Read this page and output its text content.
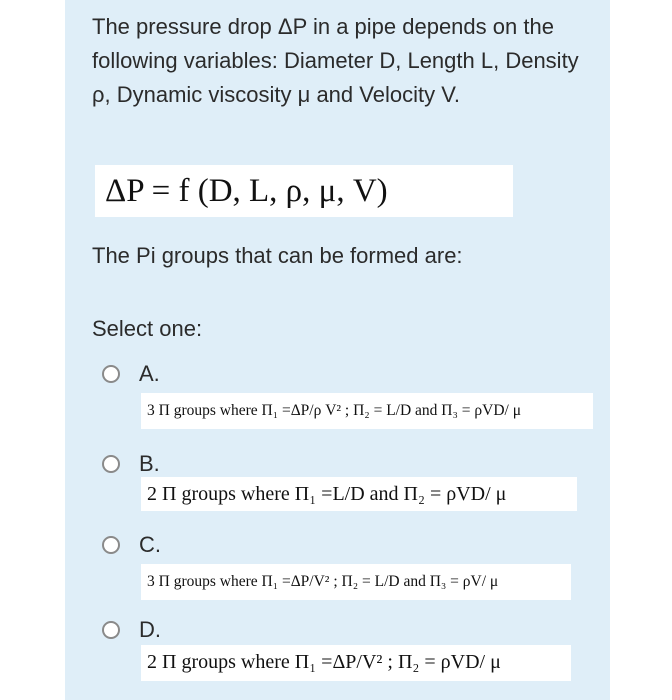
The pressure drop ΔP in a pipe depends on the following variables: Diameter D, Length L, Density ρ, Dynamic viscosity μ and Velocity V.
ΔP = f (D, L, ρ, μ, V)
The Pi groups that can be formed are:
Select one:
A.
3 Π groups where Π₁ =ΔP/ρ V² ; Π₂ = L/D and Π₃ = ρVD/ μ
B.
2 Π groups where Π₁ =L/D and Π₂ = ρVD/ μ
C.
3 Π groups where Π₁ =ΔP/V² ; Π₂ = L/D and Π₃ = ρV/ μ
D.
2 Π groups where Π₁ =ΔP/V² ; Π₂ = ρVD/ μ
